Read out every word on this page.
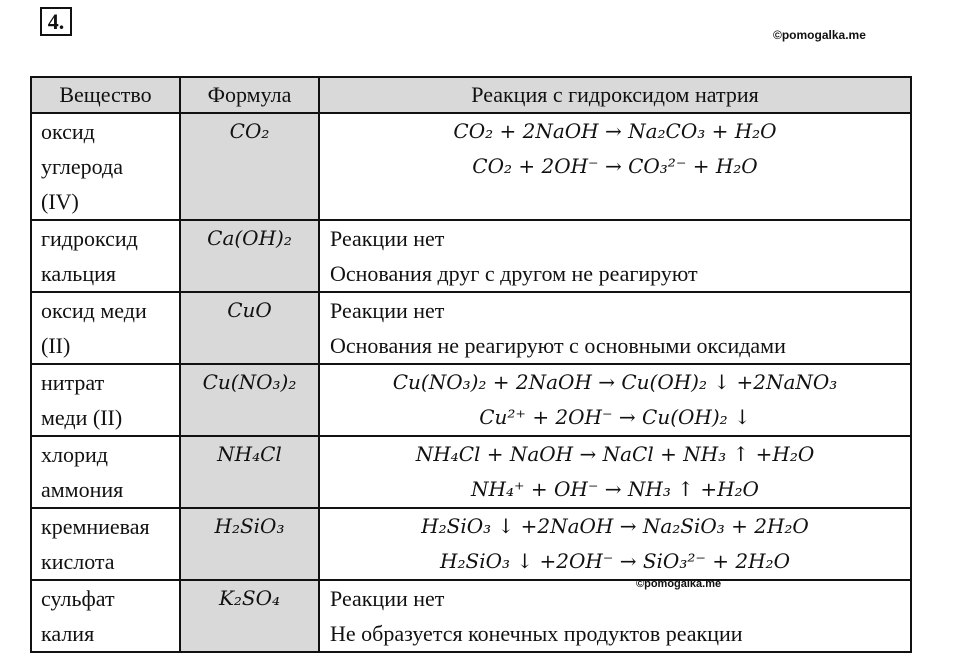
4.
©pomogalka.me
Вещество	Формула	Реакция с гидроксидом натрия

оксид
углерода
(IV)	CO₂	CO₂ + 2NaOH → Na₂CO₃ + H₂O
CO₂ + 2OH⁻ → CO₃²⁻ + H₂O

гидроксид
кальция	Ca(OH)₂	Реакции нет
Основания друг с другом не реагируют

оксид меди
(II)	CuO	Реакции нет
Основания не реагируют с основными оксидами

нитрат
меди (II)	Cu(NO₃)₂	Cu(NO₃)₂ + 2NaOH → Cu(OH)₂ ↓ +2NaNO₃
Cu²⁺ + 2OH⁻ → Cu(OH)₂ ↓

хлорид
аммония	NH₄Cl	NH₄Cl + NaOH → NaCl + NH₃ ↑ +H₂O
NH₄⁺ + OH⁻ → NH₃ ↑ +H₂O

кремниевая
кислота	H₂SiO₃	H₂SiO₃ ↓ +2NaOH → Na₂SiO₃ + 2H₂O
H₂SiO₃ ↓ +2OH⁻ → SiO₃²⁻ + 2H₂O

сульфат
калия	K₂SO₄	Реакции нет
Не образуется конечных продуктов реакции
©pomogalka.me
